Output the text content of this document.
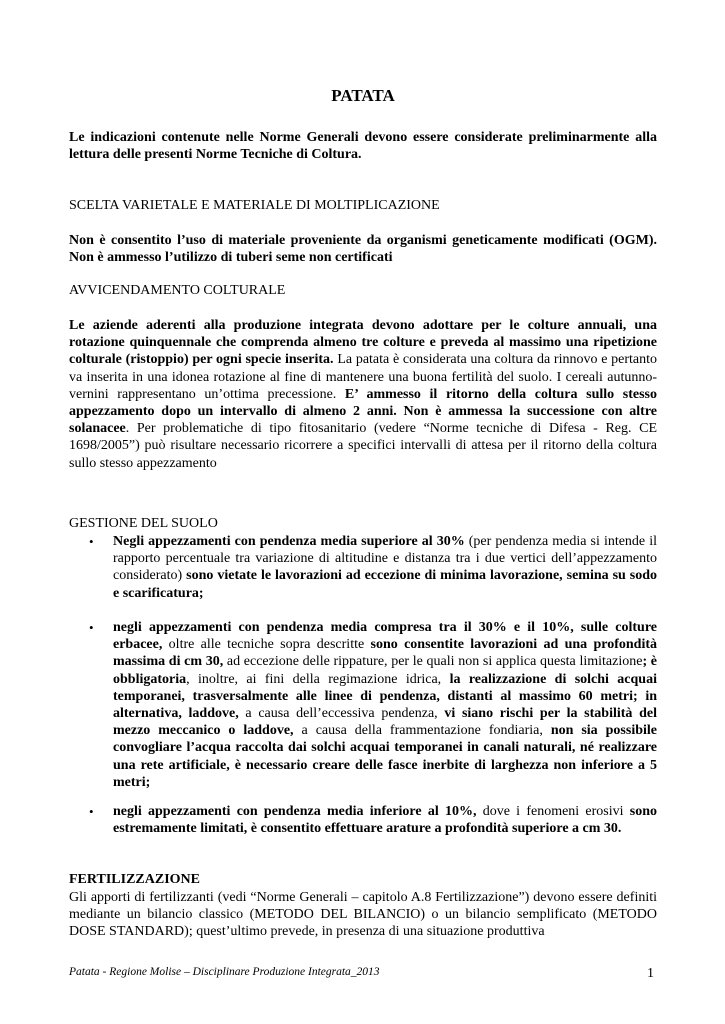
PATATA
Le indicazioni contenute nelle Norme Generali devono essere considerate preliminarmente alla lettura delle presenti Norme Tecniche di Coltura.
SCELTA VARIETALE E MATERIALE DI MOLTIPLICAZIONE
Non è consentito l’uso di materiale proveniente da organismi geneticamente modificati (OGM). Non è ammesso l’utilizzo di tuberi seme non certificati
AVVICENDAMENTO COLTURALE
Le aziende aderenti alla produzione integrata devono adottare per le colture annuali, una rotazione quinquennale che comprenda almeno tre colture e preveda al massimo una ripetizione colturale (ristoppio) per ogni specie inserita. La patata è considerata una coltura da rinnovo e pertanto va inserita in una idonea rotazione al fine di mantenere una buona fertilità del suolo. I cereali autunno-vernini rappresentano un’ottima precessione. E’ ammesso il ritorno della coltura sullo stesso appezzamento dopo un intervallo di almeno 2 anni. Non è ammessa la successione con altre solanacee. Per problematiche di tipo fitosanitario (vedere “Norme tecniche di Difesa - Reg. CE 1698/2005”) può risultare necessario ricorrere a specifici intervalli di attesa per il ritorno della coltura sullo stesso appezzamento
GESTIONE DEL SUOLO
• Negli appezzamenti con pendenza media superiore al 30% (per pendenza media si intende il rapporto percentuale tra variazione di altitudine e distanza tra i due vertici dell’appezzamento considerato) sono vietate le lavorazioni ad eccezione di minima lavorazione, semina su sodo e scarificatura;
• negli appezzamenti con pendenza media compresa tra il 30% e il 10%, sulle colture erbacee, oltre alle tecniche sopra descritte sono consentite lavorazioni ad una profondità massima di cm 30, ad eccezione delle rippature, per le quali non si applica questa limitazione; è obbligatoria, inoltre, ai fini della regimazione idrica, la realizzazione di solchi acquai temporanei, trasversalmente alle linee di pendenza, distanti al massimo 60 metri; in alternativa, laddove, a causa dell’eccessiva pendenza, vi siano rischi per la stabilità del mezzo meccanico o laddove, a causa della frammentazione fondiaria, non sia possibile convogliare l’acqua raccolta dai solchi acquai temporanei in canali naturali, né realizzare una rete artificiale, è necessario creare delle fasce inerbite di larghezza non inferiore a 5 metri;
• negli appezzamenti con pendenza media inferiore al 10%, dove i fenomeni erosivi sono estremamente limitati, è consentito effettuare arature a profondità superiore a cm 30.
FERTILIZZAZIONE
Gli apporti di fertilizzanti (vedi “Norme Generali – capitolo A.8 Fertilizzazione”) devono essere definiti mediante un bilancio classico (METODO DEL BILANCIO) o un bilancio semplificato (METODO DOSE STANDARD); quest’ultimo prevede, in presenza di una situazione produttiva
Patata - Regione Molise – Disciplinare Produzione Integrata_2013	1
